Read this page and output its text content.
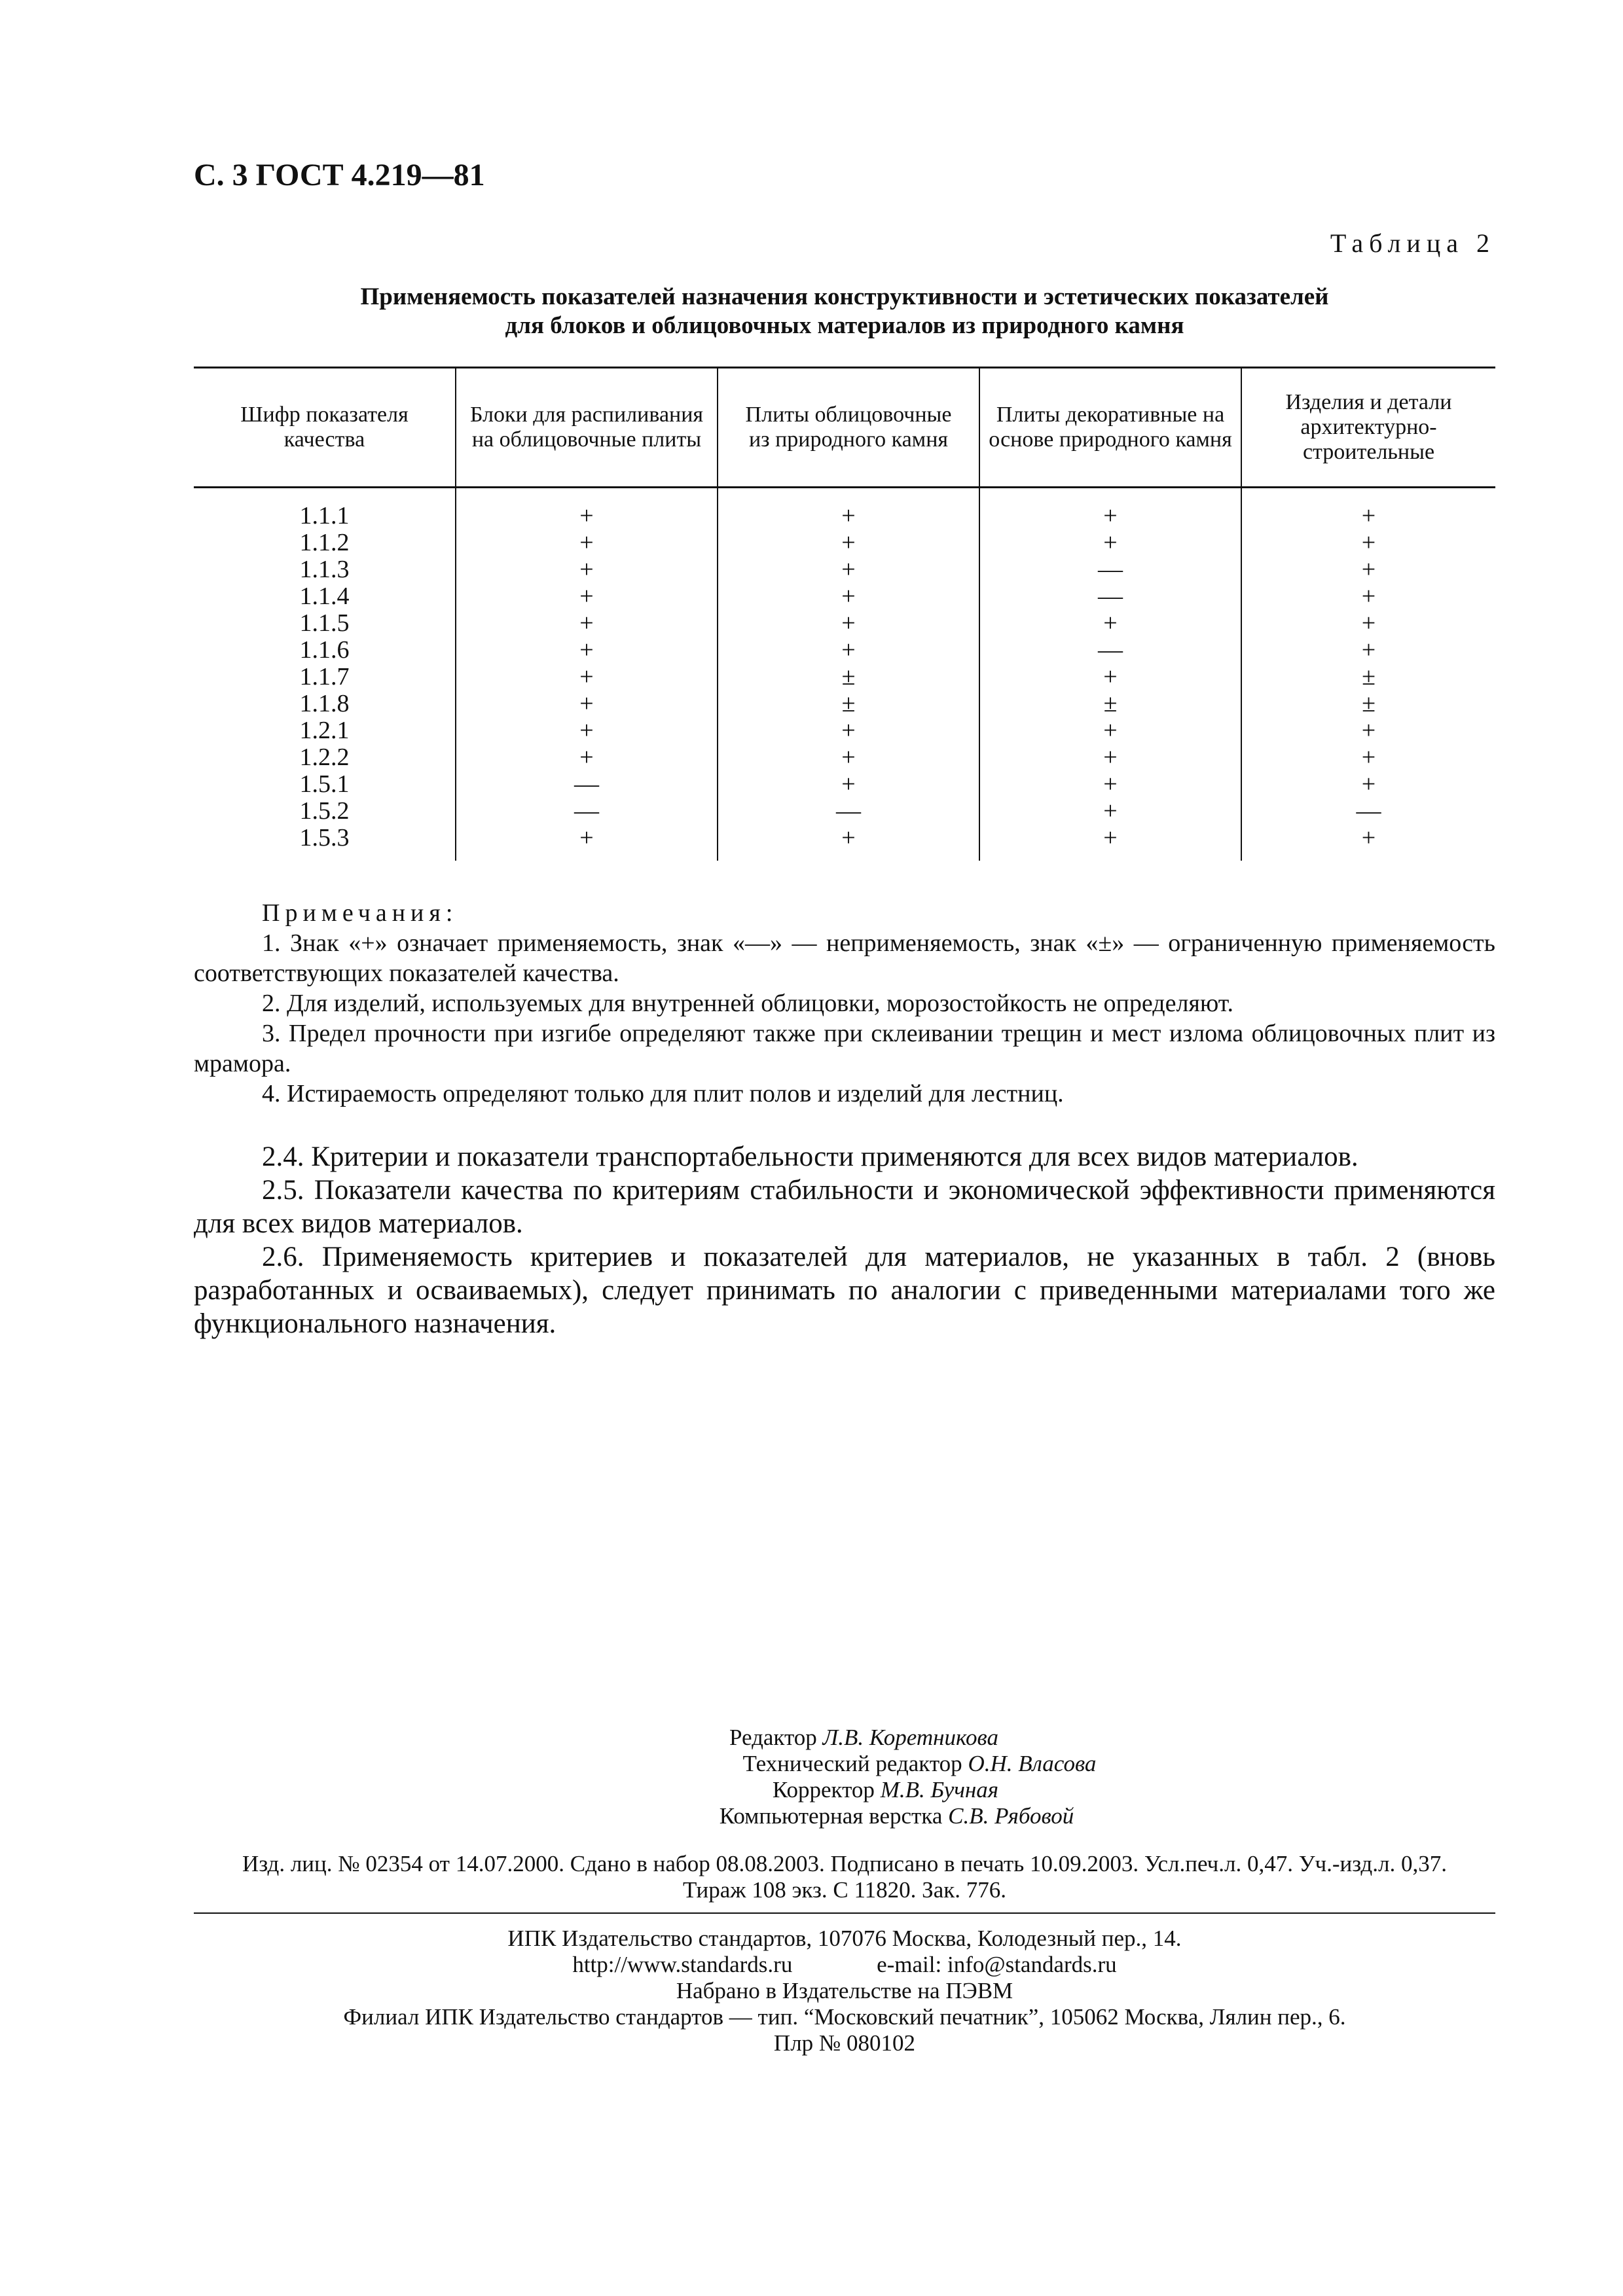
С. 3 ГОСТ 4.219—81
Таблица 2
Применяемость показателей назначения конструктивности и эстетических показателей
для блоков и облицовочных материалов из природного камня
Шифр показателя качества	Блоки для распиливания на облицовочные плиты	Плиты облицовочные из природного камня	Плиты декоративные на основе природного камня	Изделия и детали архитектурно-строительные
1.1.1	+	+	+	+
1.1.2	+	+	+	+
1.1.3	+	+	—	+
1.1.4	+	+	—	+
1.1.5	+	+	+	+
1.1.6	+	+	—	+
1.1.7	+	±	+	±
1.1.8	+	±	±	±
1.2.1	+	+	+	+
1.2.2	+	+	+	+
1.5.1	—	+	+	+
1.5.2	—	—	+	—
1.5.3	+	+	+	+
Примечания:

1. Знак «+» означает применяемость, знак «—» — неприменяемость, знак «±» — ограниченную применяемость соответствующих показателей качества.

2. Для изделий, используемых для внутренней облицовки, морозостойкость не определяют.

3. Предел прочности при изгибе определяют также при склеивании трещин и мест излома облицовочных плит из мрамора.

4. Истираемость определяют только для плит полов и изделий для лестниц.

2.4. Критерии и показатели транспортабельности применяются для всех видов материалов.

2.5. Показатели качества по критериям стабильности и экономической эффективности применяются для всех видов материалов.

2.6. Применяемость критериев и показателей для материалов, не указанных в табл. 2 (вновь разработанных и осваиваемых), следует принимать по аналогии с приведенными материалами того же функционального назначения.

Редактор Л.В. Коретникова
Технический редактор О.Н. Власова
Корректор М.В. Бучная
Компьютерная верстка С.В. Рябовой
Изд. лиц. № 02354 от 14.07.2000. Сдано в набор 08.08.2003. Подписано в печать 10.09.2003. Усл.печ.л. 0,47. Уч.-изд.л. 0,37.
Тираж 108 экз. С 11820. Зак. 776.
ИПК Издательство стандартов, 107076 Москва, Колодезный пер., 14.
http://www.standards.ru	e-mail: info@standards.ru
Набрано в Издательстве на ПЭВМ
Филиал ИПК Издательство стандартов — тип. “Московский печатник”, 105062 Москва, Лялин пер., 6.
Плр № 080102
